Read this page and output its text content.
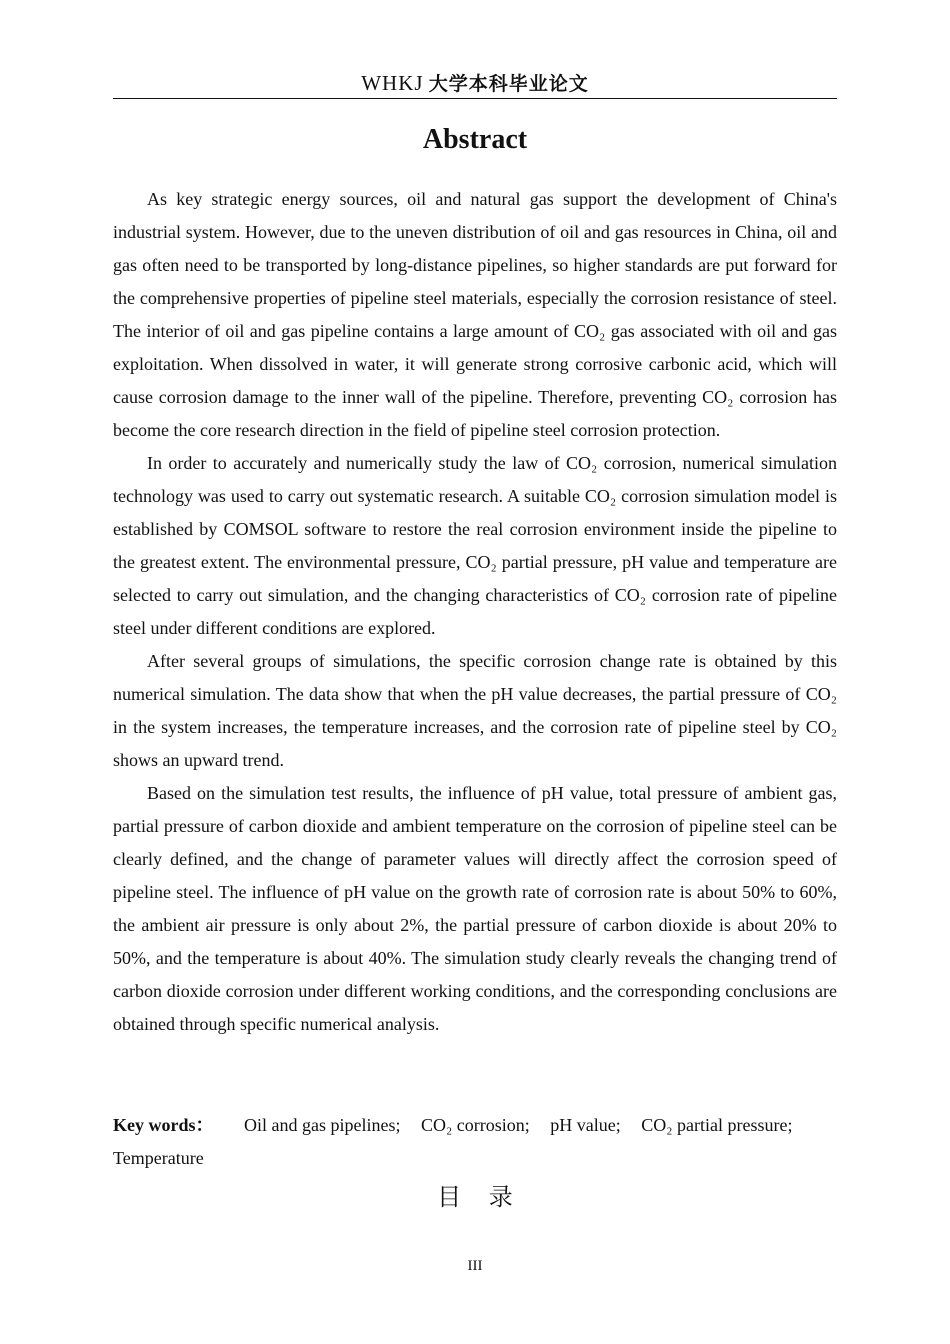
WHKJ 大学本科毕业论文
Abstract

As key strategic energy sources, oil and natural gas support the development of China's industrial system. However, due to the uneven distribution of oil and gas resources in China, oil and gas often need to be transported by long-distance pipelines, so higher standards are put forward for the comprehensive properties of pipeline steel materials, especially the corrosion resistance of steel. The interior of oil and gas pipeline contains a large amount of CO₂ gas associated with oil and gas exploitation. When dissolved in water, it will generate strong corrosive carbonic acid, which will cause corrosion damage to the inner wall of the pipeline. Therefore, preventing CO₂ corrosion has become the core research direction in the field of pipeline steel corrosion protection.

In order to accurately and numerically study the law of CO₂ corrosion, numerical simulation technology was used to carry out systematic research. A suitable CO₂ corrosion simulation model is established by COMSOL software to restore the real corrosion environment inside the pipeline to the greatest extent. The environmental pressure, CO₂ partial pressure, pH value and temperature are selected to carry out simulation, and the changing characteristics of CO₂ corrosion rate of pipeline steel under different conditions are explored.

After several groups of simulations, the specific corrosion change rate is obtained by this numerical simulation. The data show that when the pH value decreases, the partial pressure of CO₂ in the system increases, the temperature increases, and the corrosion rate of pipeline steel by CO₂ shows an upward trend.

Based on the simulation test results, the influence of pH value, total pressure of ambient gas, partial pressure of carbon dioxide and ambient temperature on the corrosion of pipeline steel can be clearly defined, and the change of parameter values will directly affect the corrosion speed of pipeline steel. The influence of pH value on the growth rate of corrosion rate is about 50% to 60%, the ambient air pressure is only about 2%, the partial pressure of carbon dioxide is about 20% to 50%, and the temperature is about 40%. The simulation study clearly reveals the changing trend of carbon dioxide corrosion under different working conditions, and the corresponding conclusions are obtained through specific numerical analysis.

Key words： Oil and gas pipelines; CO₂ corrosion; pH value; CO₂ partial pressure; Temperature
目 录
III
